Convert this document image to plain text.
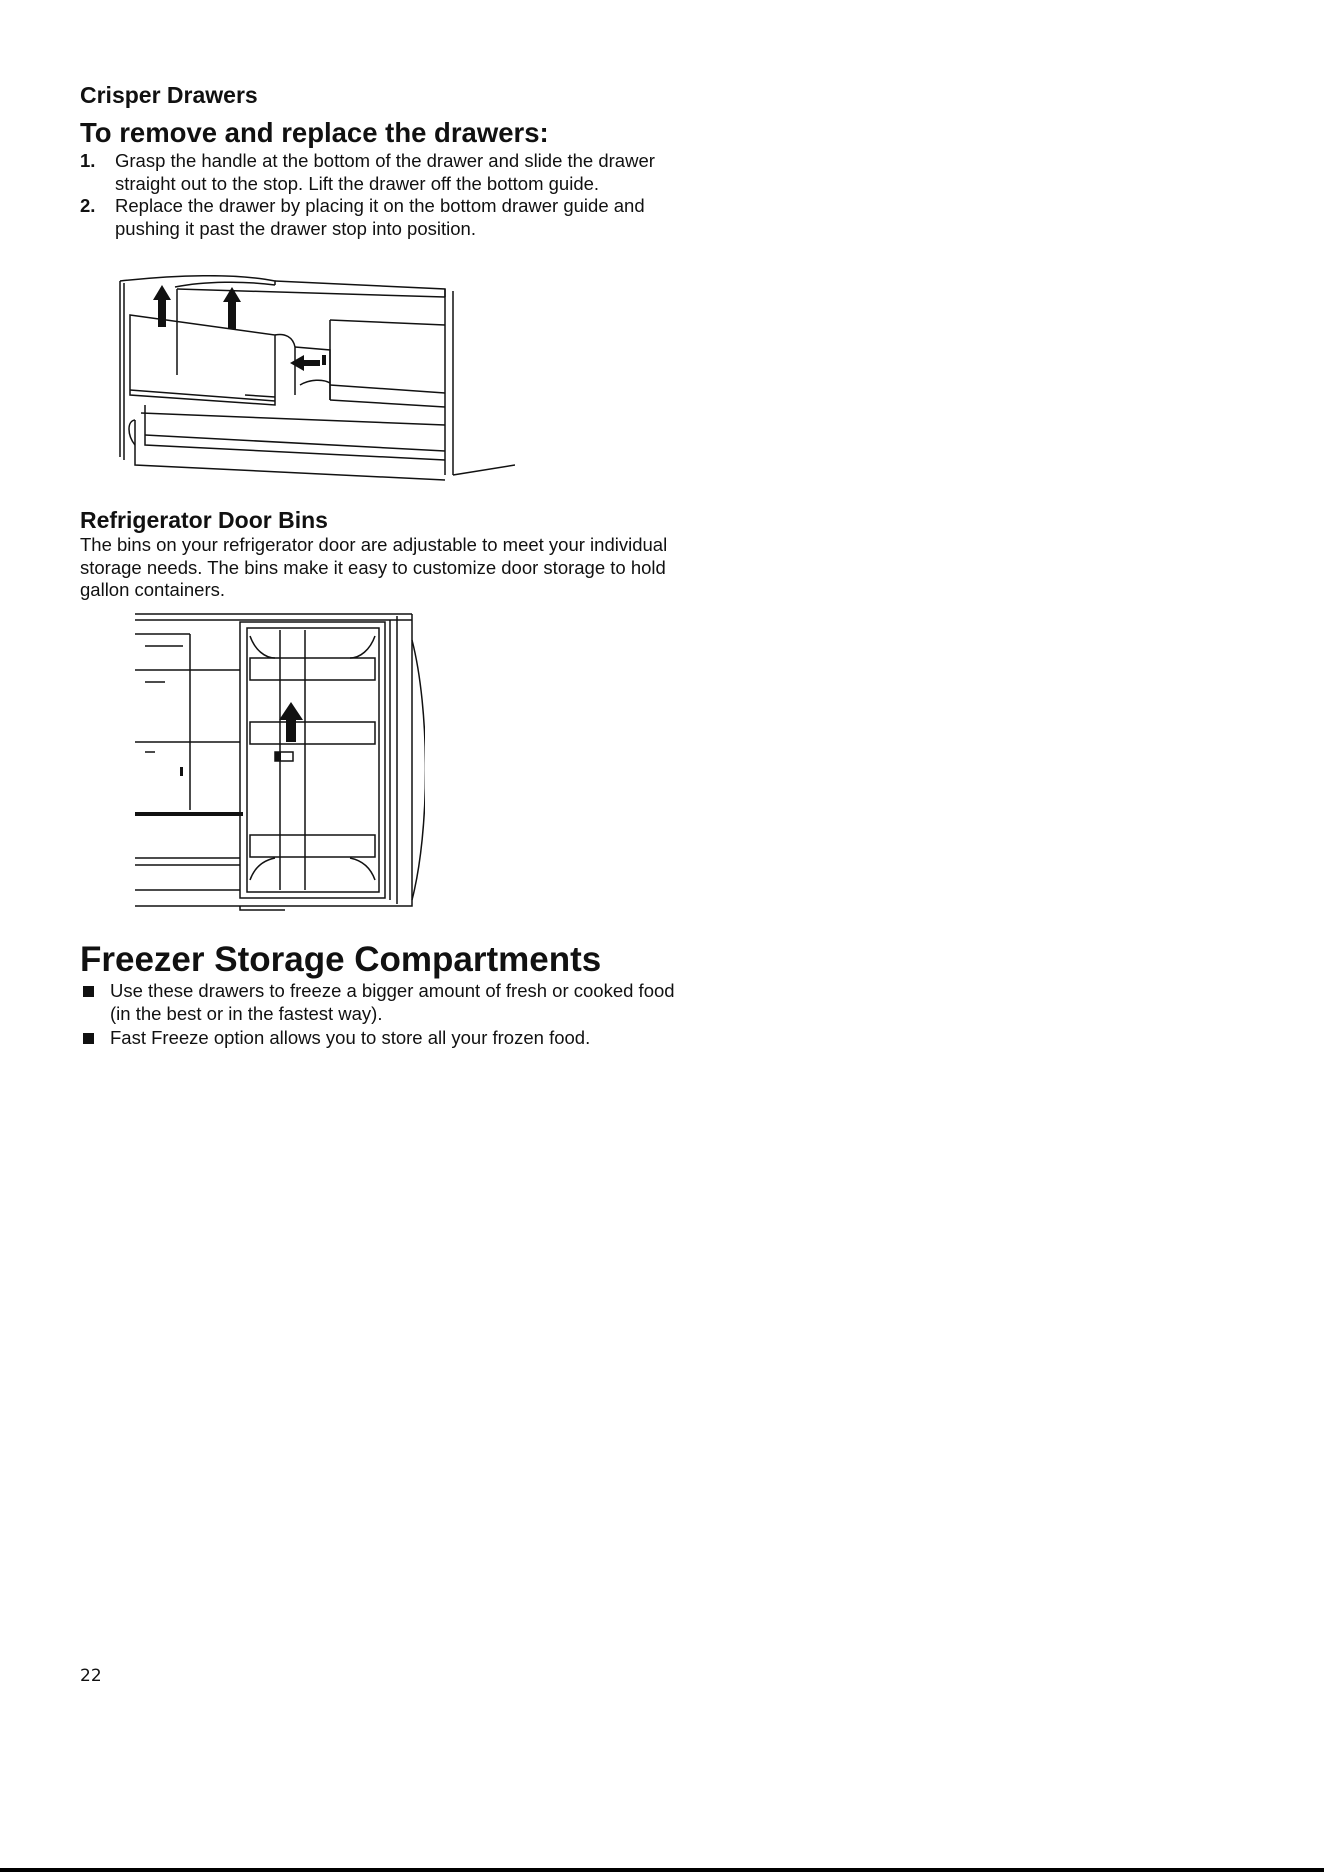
Crisper Drawers
To remove and replace the drawers:
1. Grasp the handle at the bottom of the drawer and slide the drawer straight out to the stop. Lift the drawer off the bottom guide.
2. Replace the drawer by placing it on the bottom drawer guide and pushing it past the drawer stop into position.
Refrigerator Door Bins

The bins on your refrigerator door are adjustable to meet your individual storage needs. The bins make it easy to customize door storage to hold gallon containers.

Freezer Storage Compartments
Use these drawers to freeze a bigger amount of fresh or cooked food (in the best or in the fastest way).
Fast Freeze option allows you to store all your frozen food.
22
